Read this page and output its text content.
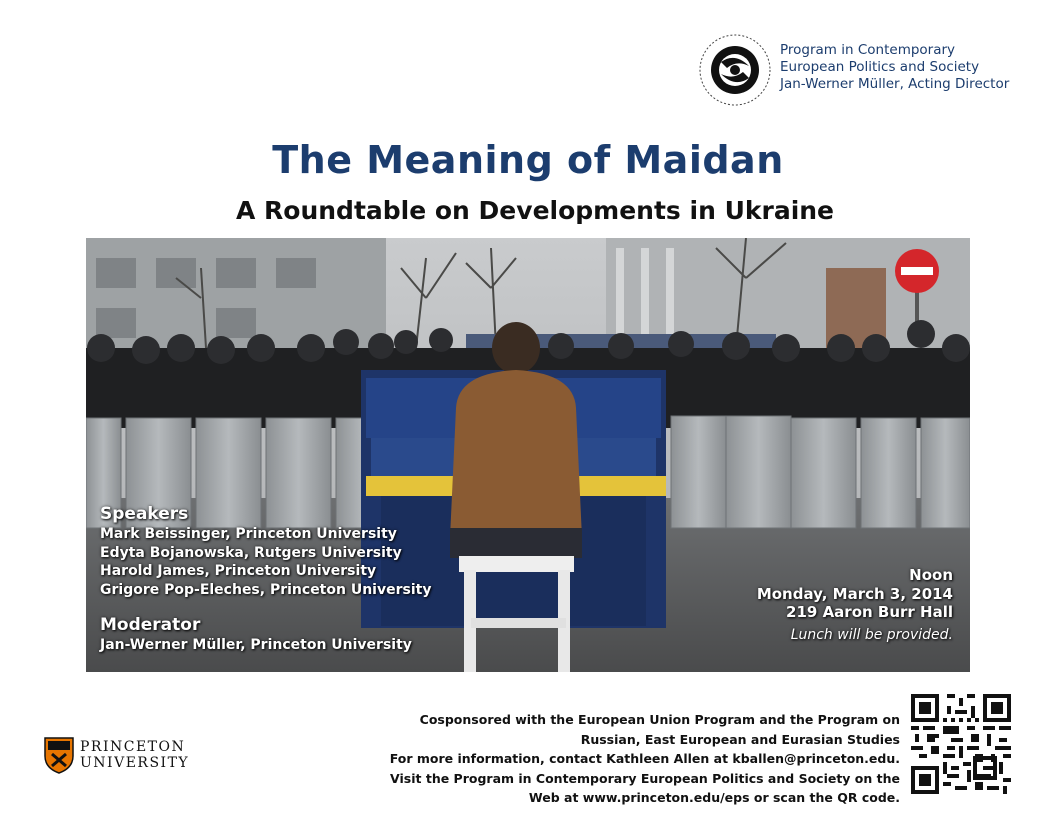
Program in Contemporary
European Politics and Society
Jan-Werner Müller, Acting Director
The Meaning of Maidan
A Roundtable on Developments in Ukraine
Speakers
Mark Beissinger, Princeton University
Edyta Bojanowska, Rutgers University
Harold James, Princeton University
Grigore Pop-Eleches, Princeton University
Moderator
Jan-Werner Müller, Princeton University
Noon
Monday, March 3, 2014
219 Aaron Burr Hall
Lunch will be provided.
PRINCETON
UNIVERSITY
Cosponsored with the European Union Program and the Program on
Russian, East European and Eurasian Studies
For more information, contact Kathleen Allen at kballen@princeton.edu.
Visit the Program in Contemporary European Politics and Society on the
Web at www.princeton.edu/eps or scan the QR code.
